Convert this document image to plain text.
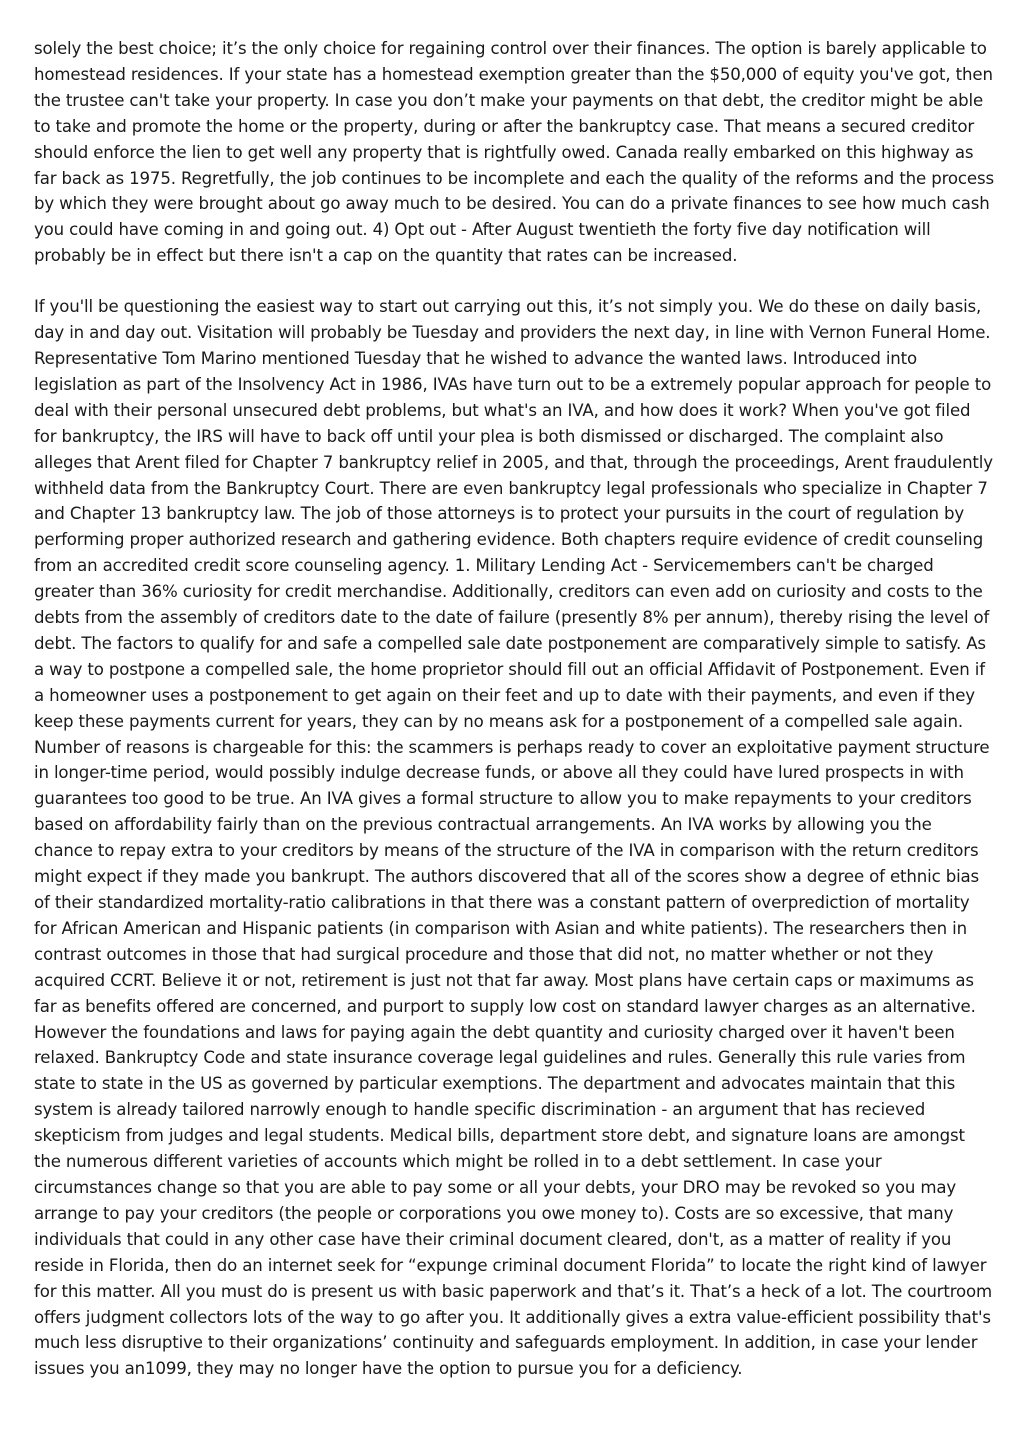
solely the best choice; it’s the only choice for regaining control over their finances. The option is barely applicable to homestead residences. If your state has a homestead exemption greater than the $50,000 of equity you've got, then the trustee can't take your property. In case you don’t make your payments on that debt, the creditor might be able to take and promote the home or the property, during or after the bankruptcy case. That means a secured creditor should enforce the lien to get well any property that is rightfully owed. Canada really embarked on this highway as far back as 1975. Regretfully, the job continues to be incomplete and each the quality of the reforms and the process by which they were brought about go away much to be desired. You can do a private finances to see how much cash you could have coming in and going out. 4) Opt out - After August twentieth the forty five day notification will probably be in effect but there isn't a cap on the quantity that rates can be increased.

If you'll be questioning the easiest way to start out carrying out this, it’s not simply you. We do these on daily basis, day in and day out. Visitation will probably be Tuesday and providers the next day, in line with Vernon Funeral Home. Representative Tom Marino mentioned Tuesday that he wished to advance the wanted laws. Introduced into legislation as part of the Insolvency Act in 1986, IVAs have turn out to be a extremely popular approach for people to deal with their personal unsecured debt problems, but what's an IVA, and how does it work? When you've got filed for bankruptcy, the IRS will have to back off until your plea is both dismissed or discharged. The complaint also alleges that Arent filed for Chapter 7 bankruptcy relief in 2005, and that, through the proceedings, Arent fraudulently withheld data from the Bankruptcy Court. There are even bankruptcy legal professionals who specialize in Chapter 7 and Chapter 13 bankruptcy law. The job of those attorneys is to protect your pursuits in the court of regulation by performing proper authorized research and gathering evidence. Both chapters require evidence of credit counseling from an accredited credit score counseling agency. 1. Military Lending Act - Servicemembers can't be charged greater than 36% curiosity for credit merchandise. Additionally, creditors can even add on curiosity and costs to the debts from the assembly of creditors date to the date of failure (presently 8% per annum), thereby rising the level of debt. The factors to qualify for and safe a compelled sale date postponement are comparatively simple to satisfy. As a way to postpone a compelled sale, the home proprietor should fill out an official Affidavit of Postponement. Even if a homeowner uses a postponement to get again on their feet and up to date with their payments, and even if they keep these payments current for years, they can by no means ask for a postponement of a compelled sale again. Number of reasons is chargeable for this: the scammers is perhaps ready to cover an exploitative payment structure in longer-time period, would possibly indulge decrease funds, or above all they could have lured prospects in with guarantees too good to be true. An IVA gives a formal structure to allow you to make repayments to your creditors based on affordability fairly than on the previous contractual arrangements. An IVA works by allowing you the chance to repay extra to your creditors by means of the structure of the IVA in comparison with the return creditors might expect if they made you bankrupt. The authors discovered that all of the scores show a degree of ethnic bias of their standardized mortality-ratio calibrations in that there was a constant pattern of overprediction of mortality for African American and Hispanic patients (in comparison with Asian and white patients). The researchers then in contrast outcomes in those that had surgical procedure and those that did not, no matter whether or not they acquired CCRT. Believe it or not, retirement is just not that far away. Most plans have certain caps or maximums as far as benefits offered are concerned, and purport to supply low cost on standard lawyer charges as an alternative. However the foundations and laws for paying again the debt quantity and curiosity charged over it haven't been relaxed. Bankruptcy Code and state insurance coverage legal guidelines and rules. Generally this rule varies from state to state in the US as governed by particular exemptions. The department and advocates maintain that this system is already tailored narrowly enough to handle specific discrimination - an argument that has recieved skepticism from judges and legal students. Medical bills, department store debt, and signature loans are amongst the numerous different varieties of accounts which might be rolled in to a debt settlement. In case your circumstances change so that you are able to pay some or all your debts, your DRO may be revoked so you may arrange to pay your creditors (the people or corporations you owe money to). Costs are so excessive, that many individuals that could in any other case have their criminal document cleared, don't, as a matter of reality if you reside in Florida, then do an internet seek for “expunge criminal document Florida” to locate the right kind of lawyer for this matter. All you must do is present us with basic paperwork and that’s it. That’s a heck of a lot. The courtroom offers judgment collectors lots of the way to go after you. It additionally gives a extra value-efficient possibility that's much less disruptive to their organizations’ continuity and safeguards employment. In addition, in case your lender issues you an1099, they may no longer have the option to pursue you for a deficiency.
